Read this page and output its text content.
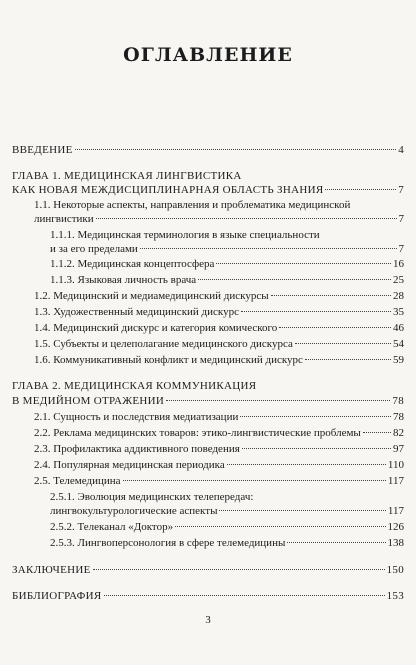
ОГЛАВЛЕНИЕ
ВВЕДЕНИЕ	4
ГЛАВА 1. МЕДИЦИНСКАЯ ЛИНГВИСТИКА
КАК НОВАЯ МЕЖДИСЦИПЛИНАРНАЯ ОБЛАСТЬ ЗНАНИЯ	7
1.1. Некоторые аспекты, направления и проблематика медицинской
лингвистики	7
1.1.1. Медицинская терминология в языке специальности
и за его пределами	7
1.1.2. Медицинская концептосфера	16
1.1.3. Языковая личность врача	25
1.2. Медицинский и медиамедицинский дискурсы	28
1.3. Художественный медицинский дискурс	35
1.4. Медицинский дискурс и категория комического	46
1.5. Субъекты и целеполагание медицинского дискурса	54
1.6. Коммуникативный конфликт и медицинский дискурс	59
ГЛАВА 2. МЕДИЦИНСКАЯ КОММУНИКАЦИЯ
В МЕДИЙНОМ ОТРАЖЕНИИ	78
2.1. Сущность и последствия медиатизации	78
2.2. Реклама медицинских товаров: этико-лингвистические проблемы	82
2.3. Профилактика аддиктивного поведения	97
2.4. Популярная медицинская периодика	110
2.5. Телемедицина	117
2.5.1. Эволюция медицинских телепередач:
лингвокультурологические аспекты	117
2.5.2. Телеканал «Доктор»	126
2.5.3. Лингвоперсонология в сфере телемедицины	138
ЗАКЛЮЧЕНИЕ	150
БИБЛИОГРАФИЯ	153
3
